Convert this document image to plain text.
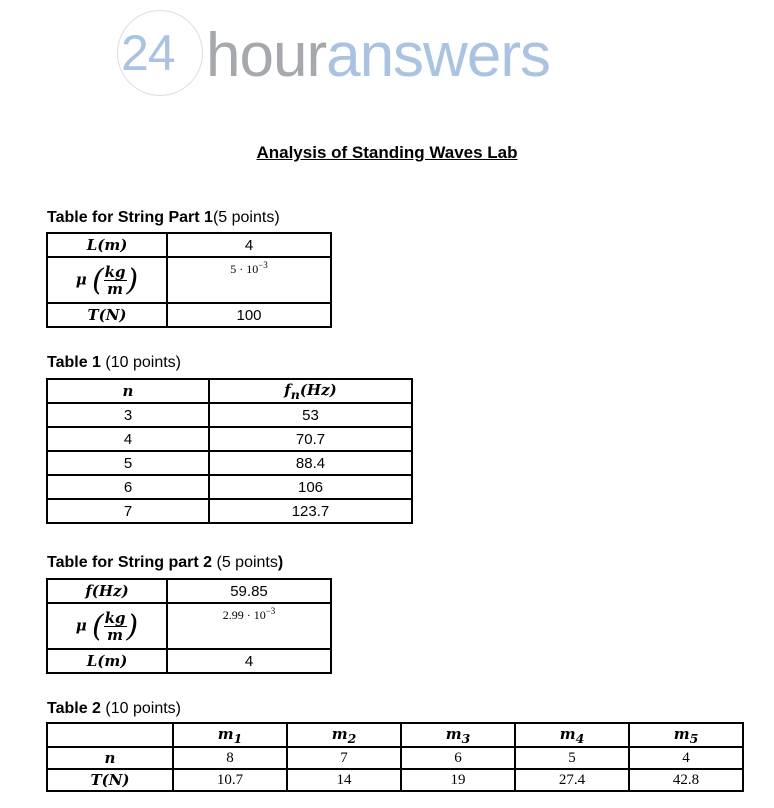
24 houranswers
Analysis of Standing Waves Lab
Table for String Part 1(5 points)
L(m)	4
μ ( $\frac{kg}{m}$ )	$5 \cdot 10^{-3}$
T(N)	100
Table 1 (10 points)
n	$f_n(Hz)$
3	53
4	70.7
5	88.4
6	106
7	123.7
Table for String part 2 (5 points)
f(Hz)	59.85
μ ( $\frac{kg}{m}$ )	$2.99 \cdot 10^{-3}$
L(m)	4
Table 2 (10 points)
	$m_1$	$m_2$	$m_3$	$m_4$	$m_5$
n	8	7	6	5	4
T(N)	10.7	14	19	27.4	42.8
